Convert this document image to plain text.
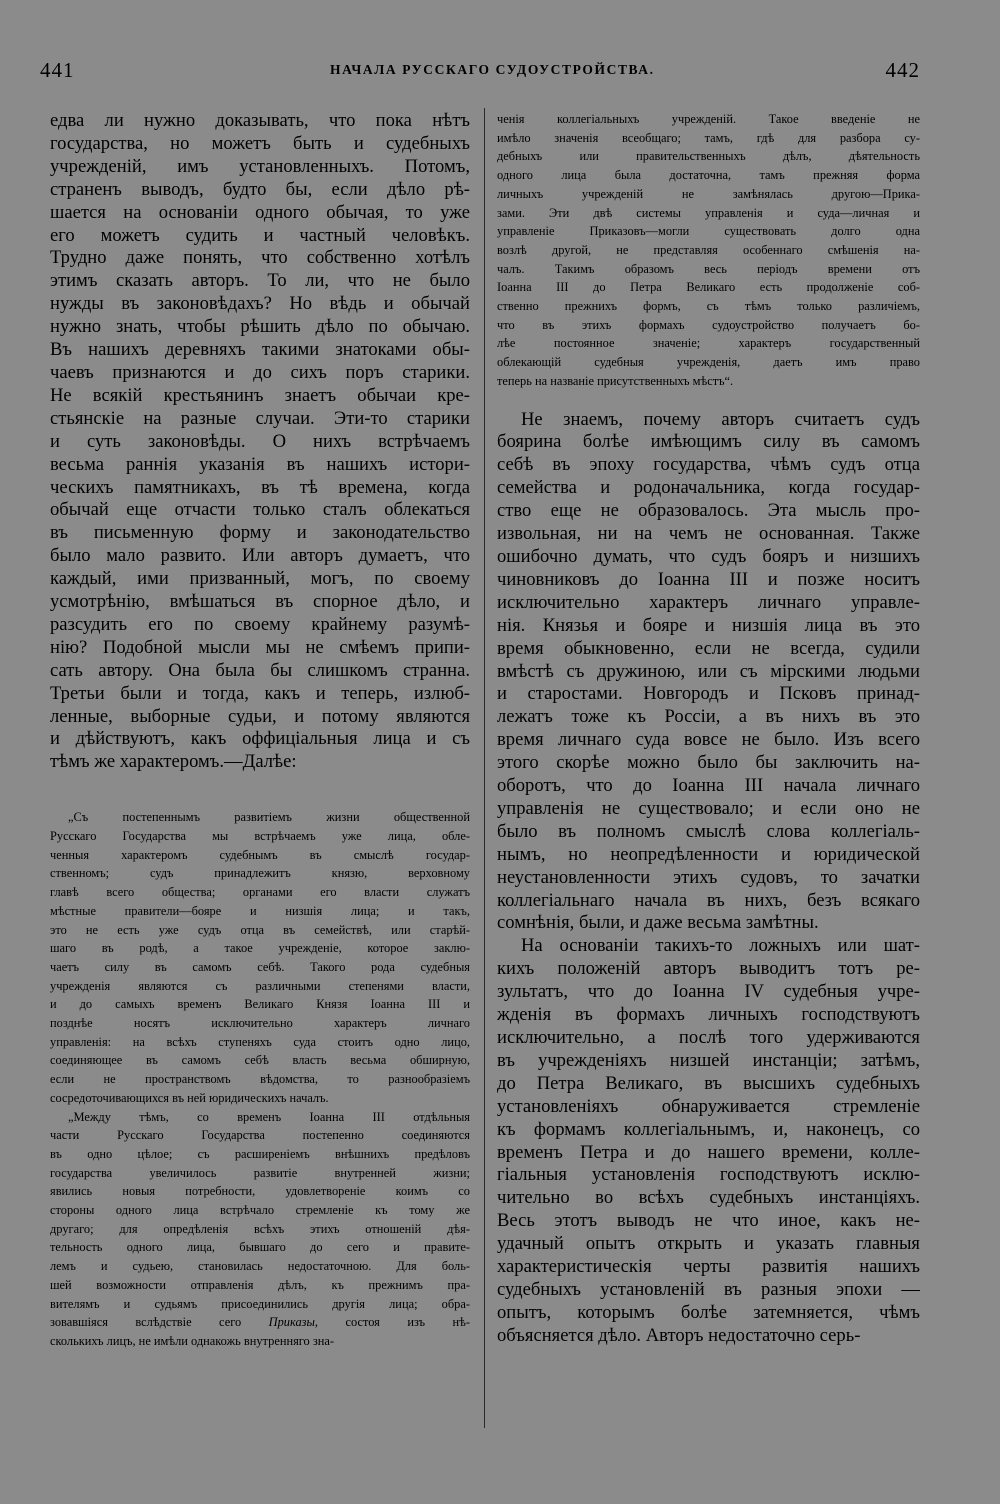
441	НАЧАЛА РУССКАГО СУДОУСТРОЙСТВА.	442
едва ли нужно доказывать, что пока нѣтъ
государства, но можетъ быть и судебныхъ
учрежденій, имъ установленныхъ. Потомъ,
страненъ выводъ, будто бы, если дѣло рѣ-
шается на основаніи одного обычая, то уже
его можетъ судить и частный человѣкъ.
Трудно даже понять, что собственно хотѣлъ
этимъ сказать авторъ. То ли, что не было
нужды въ законовѣдахъ? Но вѣдь и обычай
нужно знать, чтобы рѣшить дѣло по обычаю.
Въ нашихъ деревняхъ такими знатоками обы-
чаевъ признаются и до сихъ поръ старики.
Не всякій крестьянинъ знаетъ обычаи кре-
стьянскіе на разные случаи. Эти-то старики
и суть законовѣды. О нихъ встрѣчаемъ
весьма раннія указанія въ нашихъ истори-
ческихъ памятникахъ, въ тѣ времена, когда
обычай еще отчасти только сталъ облекаться
въ письменную форму и законодательство
было мало развито. Или авторъ думаетъ, что
каждый, ими призванный, могъ, по своему
усмотрѣнію, вмѣшаться въ спорное дѣло, и
разсудить его по своему крайнему разумѣ-
нію? Подобной мысли мы не смѣемъ припи-
сать автору. Она была бы слишкомъ странна.
Третьи были и тогда, какъ и теперь, излюб-
ленные, выборные судьи, и потому являются
и дѣйствуютъ, какъ оффиціальныя лица и съ
тѣмъ же характеромъ.—Далѣе:
„Съ постепеннымъ развитіемъ жизни общественной
Русскаго Государства мы встрѣчаемъ уже лица, обле-
ченныя характеромъ судебнымъ въ смыслѣ государ-
ственномъ; судъ принадлежитъ князю, верховному
главѣ всего общества; органами его власти служатъ
мѣстные правители—бояре и низшія лица; и такъ,
это не есть уже судъ отца въ семействѣ, или старѣй-
шаго въ родѣ, а такое учрежденіе, которое заклю-
чаетъ силу въ самомъ себѣ. Такого рода судебныя
учрежденія являются съ различными степенями власти,
и до самыхъ временъ Великаго Князя Іоанна III и
позднѣе носятъ исключительно характеръ личнаго
управленія: на всѣхъ ступеняхъ суда стоитъ одно лицо,
соединяющее въ самомъ себѣ власть весьма обширную,
если не пространствомъ вѣдомства, то разнообразіемъ
сосредоточивающихся въ ней юридическихъ началъ.
„Между тѣмъ, со временъ Іоанна III отдѣльныя
части Русскаго Государства постепенно соединяются
въ одно цѣлое; съ расширеніемъ внѣшнихъ предѣловъ
государства увеличилось развитіе внутренней жизни;
явились новыя потребности, удовлетвореніе коимъ со
стороны одного лица встрѣчало стремленіе къ тому же
другаго; для опредѣленія всѣхъ этихъ отношеній дѣя-
тельность одного лица, бывшаго до сего и правите-
лемъ и судьею, становилась недостаточною. Для боль-
шей возможности отправленія дѣлъ, къ прежнимъ пра-
вителямъ и судьямъ присоединились другія лица; обра-
зовавшіяся вслѣдствіе сего Приказы, состоя изъ нѣ-
сколькихъ лицъ, не имѣли однакожь внутренняго зна-
ченія коллегіальныхъ учрежденій. Такое введеніе не
имѣло значенія всеобщаго; тамъ, гдѣ для разбора су-
дебныхъ или правительственныхъ дѣлъ, дѣятельность
одного лица была достаточна, тамъ прежняя форма
личныхъ учрежденій не замѣнялась другою—Прика-
зами. Эти двѣ системы управленія и суда—личная и
управленіе Приказовъ—могли существовать долго одна
возлѣ другой, не представляя особеннаго смѣшенія на-
чалъ. Такимъ образомъ весь періодъ времени отъ
Іоанна III до Петра Великаго есть продолженіе соб-
ственно прежнихъ формъ, съ тѣмъ только различіемъ,
что въ этихъ формахъ судоустройство получаетъ бо-
лѣе постоянное значеніе; характеръ государственный
облекающій судебныя учрежденія, даетъ имъ право
теперь на названіе присутственныхъ мѣстъ“.
Не знаемъ, почему авторъ считаетъ судъ
боярина болѣе имѣющимъ силу въ самомъ
себѣ въ эпоху государства, чѣмъ судъ отца
семейства и родоначальника, когда государ-
ство еще не образовалось. Эта мысль про-
извольная, ни на чемъ не основанная. Также
ошибочно думать, что судъ бояръ и низшихъ
чиновниковъ до Іоанна III и позже носитъ
исключительно характеръ личнаго управле-
нія. Князья и бояре и низшія лица въ это
время обыкновенно, если не всегда, судили
вмѣстѣ съ дружиною, или съ мірскими людьми
и старостами. Новгородъ и Псковъ принад-
лежатъ тоже къ Россіи, а въ нихъ въ это
время личнаго суда вовсе не было. Изъ всего
этого скорѣе можно было бы заключить на-
оборотъ, что до Іоанна III начала личнаго
управленія не существовало; и если оно не
было въ полномъ смыслѣ слова коллегіаль-
нымъ, но неопредѣленности и юридической
неустановленности этихъ судовъ, то зачатки
коллегіальнаго начала въ нихъ, безъ всякаго
сомнѣнія, были, и даже весьма замѣтны.
На основаніи такихъ-то ложныхъ или шат-
кихъ положеній авторъ выводитъ тотъ ре-
зультатъ, что до Іоанна IV судебныя учре-
жденія въ формахъ личныхъ господствуютъ
исключительно, а послѣ того удерживаются
въ учрежденіяхъ низшей инстанціи; затѣмъ,
до Петра Великаго, въ высшихъ судебныхъ
установленіяхъ обнаруживается стремленіе
къ формамъ коллегіальнымъ, и, наконецъ, со
временъ Петра и до нашего времени, колле-
гіальныя установленія господствуютъ исклю-
чительно во всѣхъ судебныхъ инстанціяхъ.
Весь этотъ выводъ не что иное, какъ не-
удачный опытъ открыть и указать главныя
характеристическія черты развитія нашихъ
судебныхъ установленій въ разныя эпохи —
опытъ, которымъ болѣе затемняется, чѣмъ
объясняется дѣло. Авторъ недостаточно серь-
